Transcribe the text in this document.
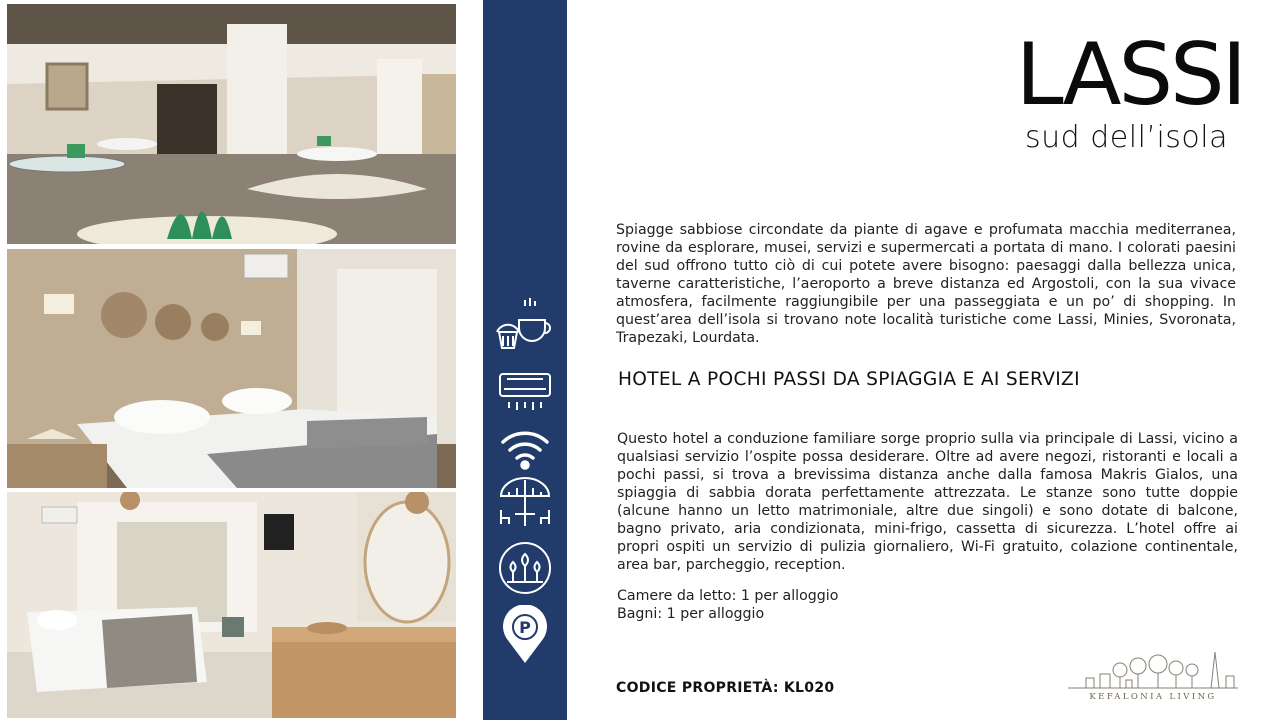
P
LASSI
sud dell’isola

Spiagge sabbiose circondate da piante di agave e profumata macchia mediterranea, rovine da esplorare, musei, servizi e supermercati a portata di mano. I colorati paesini del sud offrono tutto ciò di cui potete avere bisogno: paesaggi dalla bellezza unica, taverne caratteristiche, l’aeroporto a breve distanza ed Argostoli, con la sua vivace atmosfera, facilmente raggiungibile per una passeggiata e un po’ di shopping. In quest’area dell’isola si trovano note località turistiche come Lassi, Minies, Svoronata, Trapezaki, Lourdata.

HOTEL A POCHI PASSI DA SPIAGGIA E AI SERVIZI

Questo hotel a conduzione familiare sorge proprio sulla via principale di Lassi, vicino a qualsiasi servizio l’ospite possa desiderare. Oltre ad avere negozi, ristoranti e locali a pochi passi, si trova a brevissima distanza anche dalla famosa Makris Gialos, una spiaggia di sabbia dorata perfettamente attrezzata. Le stanze sono tutte doppie (alcune hanno un letto matrimoniale, altre due singoli) e sono dotate di balcone, bagno privato, aria condizionata, mini-frigo, cassetta di sicurezza. L’hotel offre ai propri ospiti un servizio di pulizia giornaliero, Wi-Fi gratuito, colazione continentale, area bar, parcheggio, reception.

Camere da letto: 1 per alloggio
Bagni: 1 per alloggio
CODICE PROPRIETÀ: KL020
KEFALONIA LIVING
